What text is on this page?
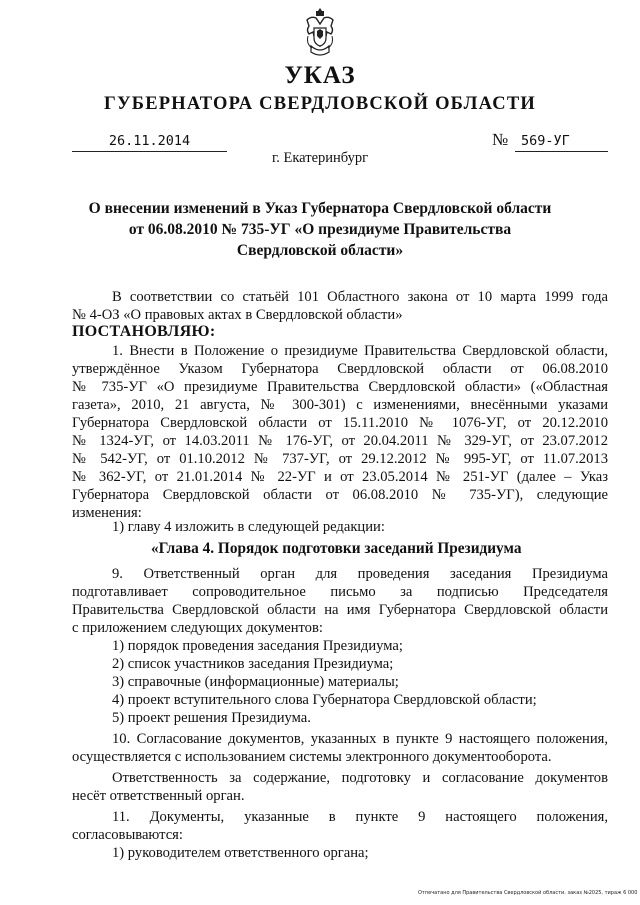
УКАЗ
ГУБЕРНАТОРА СВЕРДЛОВСКОЙ ОБЛАСТИ
26.11.2014	№ 569-УГ
г. Екатеринбург
О внесении изменений в Указ Губернатора Свердловской области
от 06.08.2010 № 735-УГ «О президиуме Правительства
Свердловской области»
В соответствии со статьёй 101 Областного закона от 10 марта 1999 года
№ 4-ОЗ «О правовых актах в Свердловской области»
ПОСТАНОВЛЯЮ:
1. Внести в Положение о президиуме Правительства Свердловской области,
утверждённое Указом Губернатора Свердловской области от 06.08.2010
№ 735-УГ «О президиуме Правительства Свердловской области» («Областная
газета», 2010, 21 августа, № 300-301) с изменениями, внесёнными указами
Губернатора Свердловской области от 15.11.2010 № 1076-УГ, от 20.12.2010
№ 1324-УГ, от 14.03.2011 № 176-УГ, от 20.04.2011 № 329-УГ, от 23.07.2012
№ 542-УГ, от 01.10.2012 № 737-УГ, от 29.12.2012 № 995-УГ, от 11.07.2013
№ 362-УГ, от 21.01.2014 № 22-УГ и от 23.05.2014 № 251-УГ (далее – Указ
Губернатора Свердловской области от 06.08.2010 № 735-УГ), следующие
изменения:
1) главу 4 изложить в следующей редакции:
«Глава 4. Порядок подготовки заседаний Президиума
9. Ответственный орган для проведения заседания Президиума
подготавливает сопроводительное письмо за подписью Председателя
Правительства Свердловской области на имя Губернатора Свердловской области
с приложением следующих документов:
1) порядок проведения заседания Президиума;
2) список участников заседания Президиума;
3) справочные (информационные) материалы;
4) проект вступительного слова Губернатора Свердловской области;
5) проект решения Президиума.
10. Согласование документов, указанных в пункте 9 настоящего положения,
осуществляется с использованием системы электронного документооборота.
Ответственность за содержание, подготовку и согласование документов
несёт ответственный орган.
11. Документы, указанные в пункте 9 настоящего положения,
согласовываются:
1) руководителем ответственного органа;
Отпечатано для Правительства Свердловской области. заказ №2025, тираж 6 000
